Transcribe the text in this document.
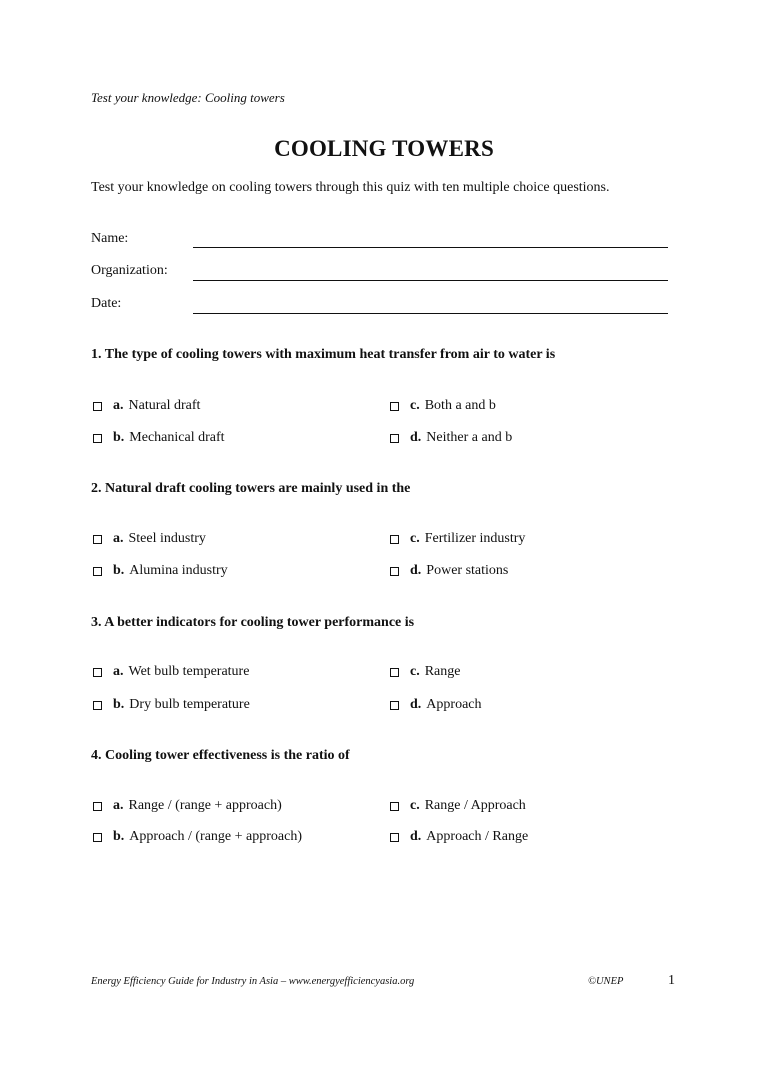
Test your knowledge: Cooling towers
COOLING TOWERS
Test your knowledge on cooling towers through this quiz with ten multiple choice questions.
Name:
Organization:
Date:
1. The type of cooling towers with maximum heat transfer from air to water is
a. Natural draft
b. Mechanical draft
c. Both a and b
d. Neither a and b
2. Natural draft cooling towers are mainly used in the
a. Steel industry
b. Alumina industry
c. Fertilizer industry
d. Power stations
3. A better indicators for cooling tower performance is
a. Wet bulb temperature
b. Dry bulb temperature
c. Range
d. Approach
4. Cooling tower effectiveness is the ratio of
a. Range / (range + approach)
b. Approach / (range + approach)
c. Range / Approach
d. Approach / Range
Energy Efficiency Guide for Industry in Asia – www.energyefficiencyasia.org	©UNEP	1
